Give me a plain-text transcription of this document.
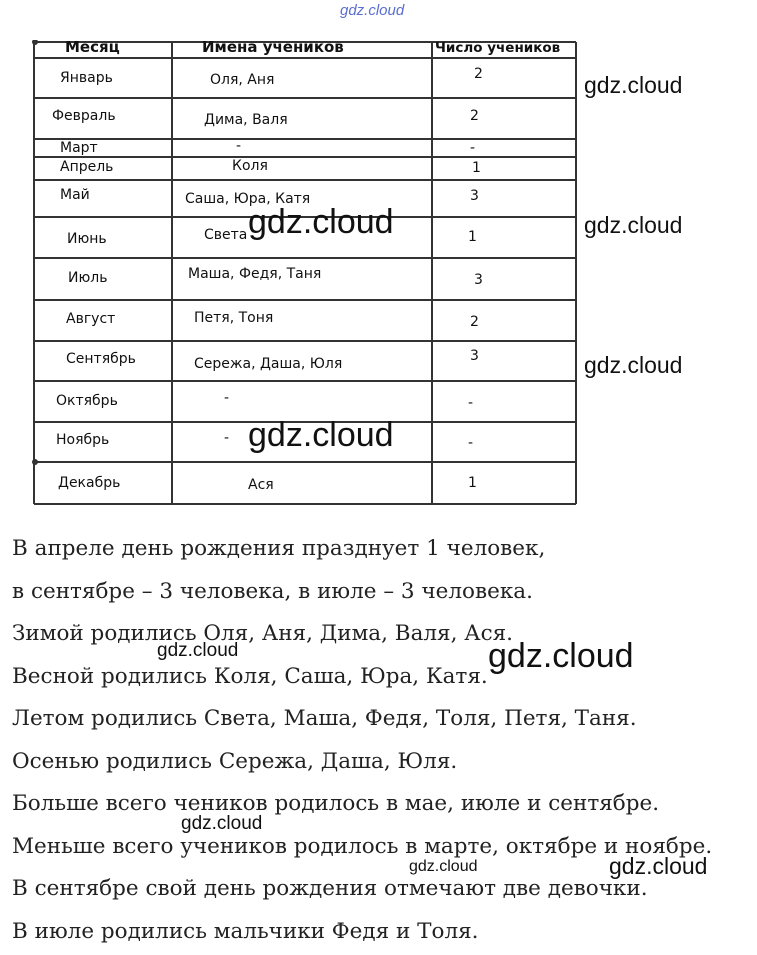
gdz.cloud
Месяц	Имена учеников	Число учеников
Январь	Оля, Аня	2
Февраль	Дима, Валя	2
Март	-	-
Апрель	Коля	1
Май	Саша, Юра, Катя	3
Июнь	Света	1
Июль	Маша, Федя, Таня	3
Август	Петя, Тоня	2
Сентябрь	Сережа, Даша, Юля	3
Октябрь	-	-
Ноябрь	-	-
Декабрь	Ася	1
gdz.cloud
gdz.cloud
gdz.cloud
gdz.cloud
gdz.cloud
gdz.cloud	gdz.cloud
gdz.cloud
gdz.cloud	gdz.cloud
В апреле день рождения празднует 1 человек,
в сентябре – 3 человека, в июле – 3 человека.
Зимой родились Оля, Аня, Дима, Валя, Ася.
Весной родились Коля, Саша, Юра, Катя.
Летом родились Света, Маша, Федя, Толя, Петя, Таня.
Осенью родились Сережа, Даша, Юля.
Больше всего чеников родилось в мае, июле и сентябре.
Меньше всего учеников родилось в марте, октябре и ноябре.
В сентябре свой день рождения отмечают две девочки.
В июле родились мальчики Федя и Толя.
